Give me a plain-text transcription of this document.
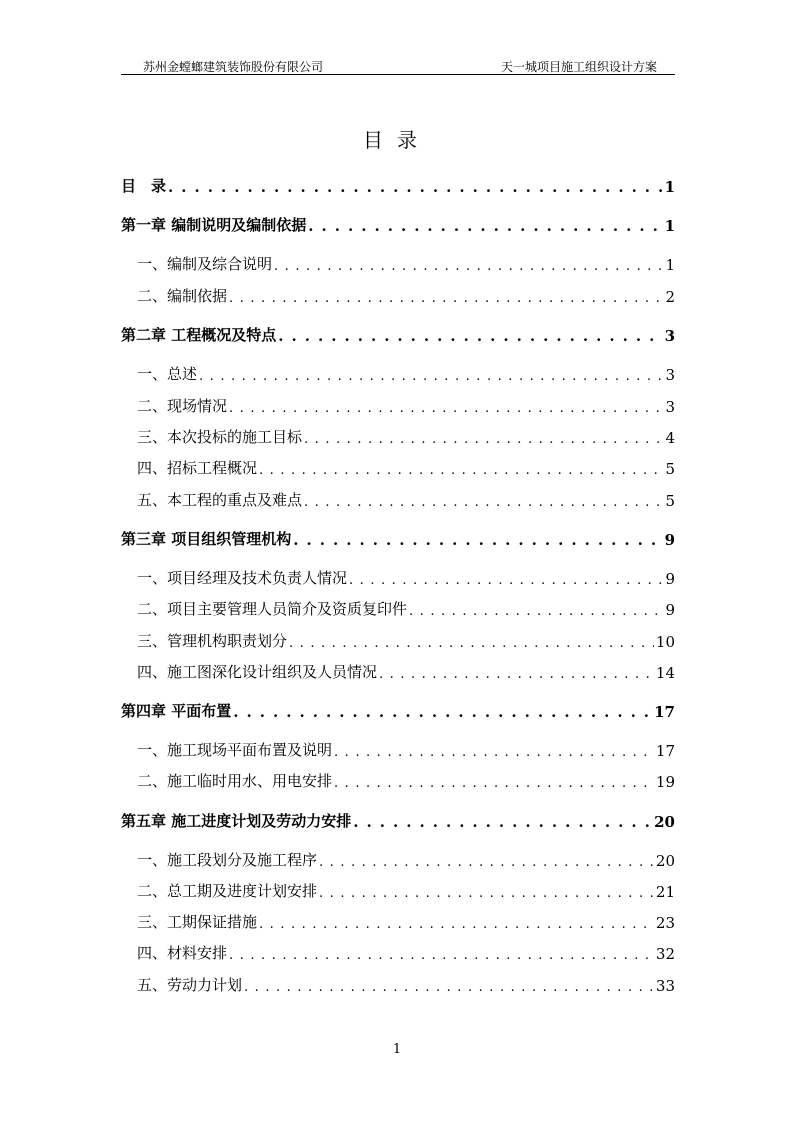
苏州金螳螂建筑装饰股份有限公司	天一城项目施工组织设计方案
目录
目　录 . . .	1
第一章 编制说明及编制依据 . . .	1
一、编制及综合说明 . . .	1
二、编制依据 . . .	2
第二章 工程概况及特点 . . .	3
一、总述 . . .	3
二、现场情况 . . .	3
三、本次投标的施工目标 . . .	4
四、招标工程概况 . . .	5
五、本工程的重点及难点 . . .	5
第三章 项目组织管理机构 . . .	9
一、项目经理及技术负责人情况 . . .	9
二、项目主要管理人员简介及资质复印件 . . .	9
三、管理机构职责划分 . . .	10
四、施工图深化设计组织及人员情况 . . .	14
第四章 平面布置 . . .	17
一、施工现场平面布置及说明 . . .	17
二、施工临时用水、用电安排 . . .	19
第五章 施工进度计划及劳动力安排 . . .	20
一、施工段划分及施工程序 . . .	20
二、总工期及进度计划安排 . . .	21
三、工期保证措施 . . .	23
四、材料安排 . . .	32
五、劳动力计划 . . .	33
1
